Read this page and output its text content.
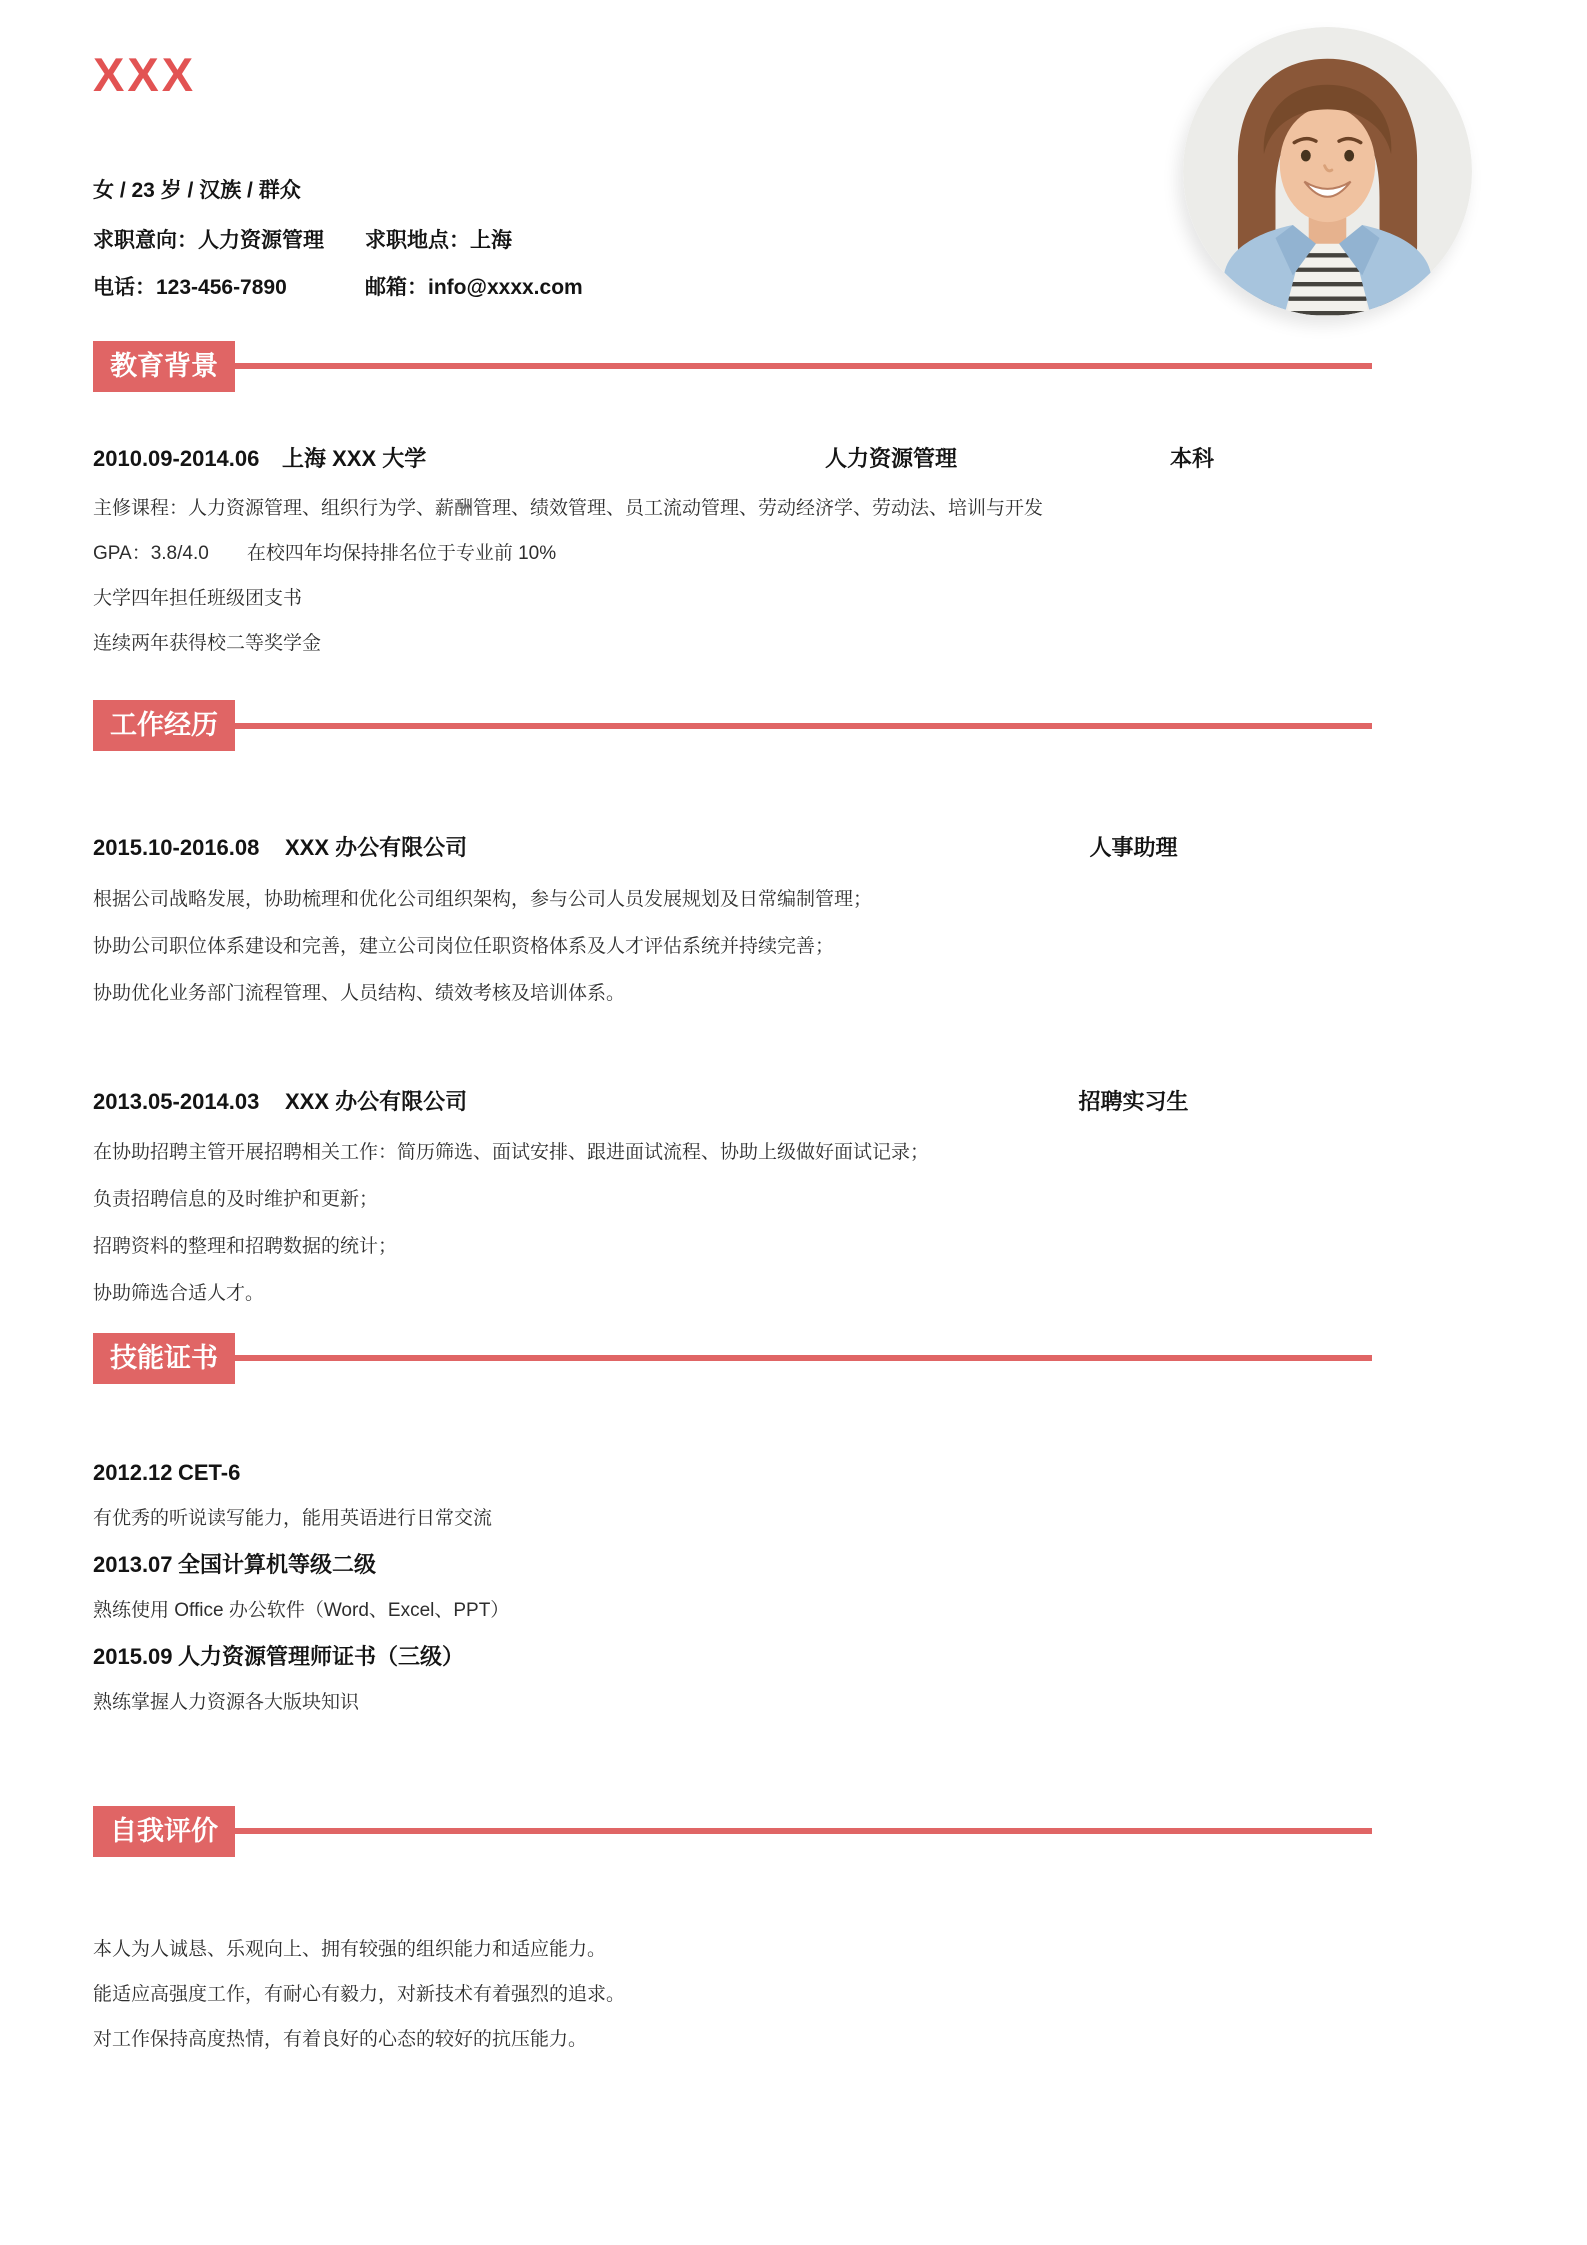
XXX

女 / 23 岁 / 汉族 / 群众

求职意向：人力资源管理	求职地点：上海

电话：123-456-7890	邮箱：info@xxxx.com

教育背景
2010.09-2014.06	上海 XXX 大学	人力资源管理	本科

主修课程：人力资源管理、组织行为学、薪酬管理、绩效管理、员工流动管理、劳动经济学、劳动法、培训与开发

GPA：3.8/4.0　　在校四年均保持排名位于专业前 10%

大学四年担任班级团支书

连续两年获得校二等奖学金

工作经历
2015.10-2016.08	XXX 办公有限公司	人事助理

根据公司战略发展，协助梳理和优化公司组织架构，参与公司人员发展规划及日常编制管理；

协助公司职位体系建设和完善，建立公司岗位任职资格体系及人才评估系统并持续完善；

协助优化业务部门流程管理、人员结构、绩效考核及培训体系。

2013.05-2014.03	XXX 办公有限公司	招聘实习生

在协助招聘主管开展招聘相关工作：简历筛选、面试安排、跟进面试流程、协助上级做好面试记录；

负责招聘信息的及时维护和更新；

招聘资料的整理和招聘数据的统计；

协助筛选合适人才。

技能证书

2012.12 CET-6

有优秀的听说读写能力，能用英语进行日常交流

2013.07 全国计算机等级二级

熟练使用 Office 办公软件（Word、Excel、PPT）

2015.09 人力资源管理师证书（三级）

熟练掌握人力资源各大版块知识

自我评价

本人为人诚恳、乐观向上、拥有较强的组织能力和适应能力。

能适应高强度工作，有耐心有毅力，对新技术有着强烈的追求。

对工作保持高度热情，有着良好的心态的较好的抗压能力。
